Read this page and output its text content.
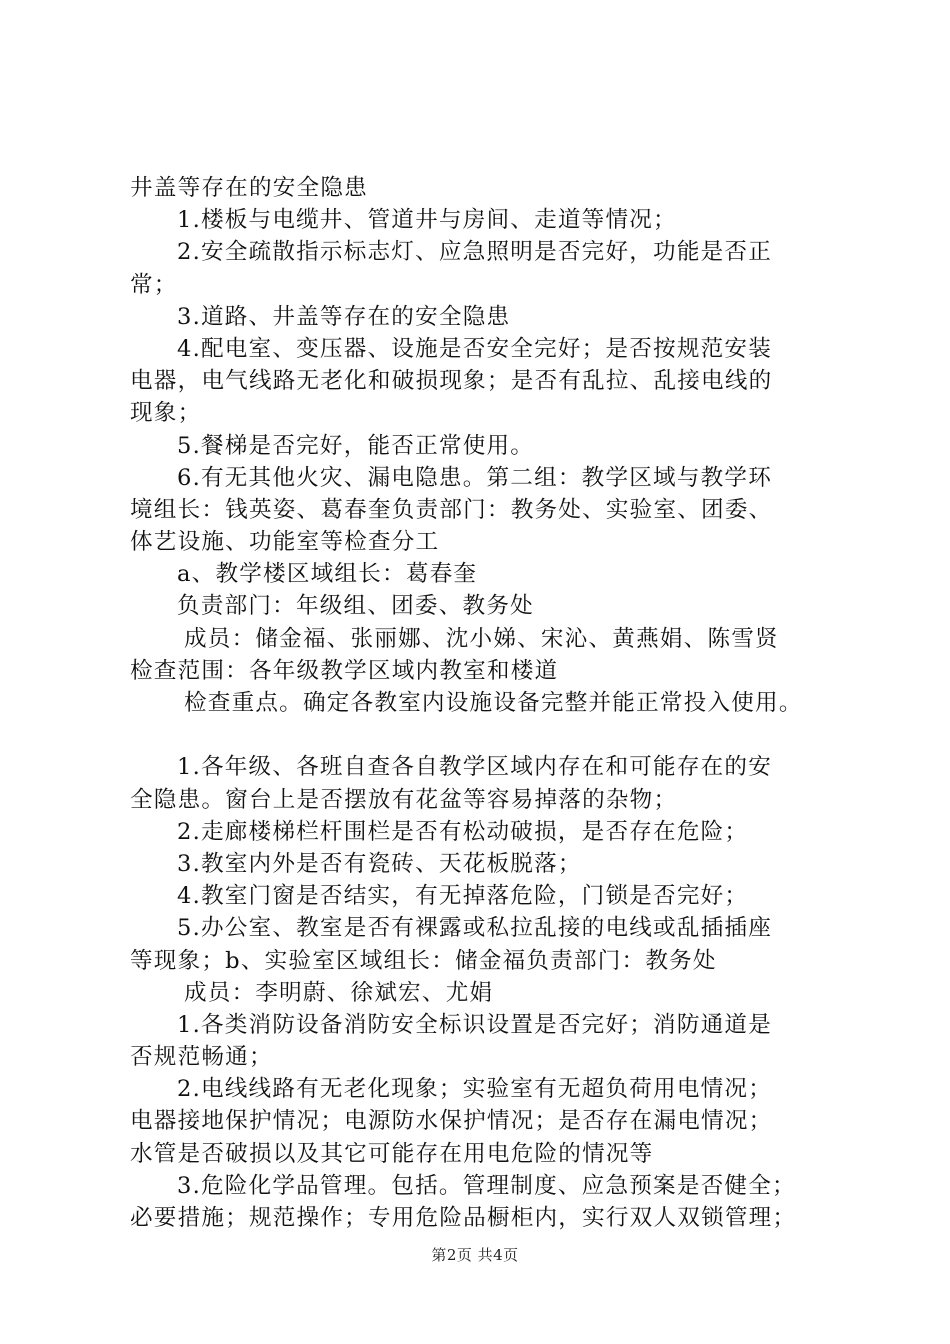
井盖等存在的安全隐患
1.楼板与电缆井、管道井与房间、走道等情况；
2.安全疏散指示标志灯、应急照明是否完好，功能是否正
常；
3.道路、井盖等存在的安全隐患
4.配电室、变压器、设施是否安全完好；是否按规范安装
电器，电气线路无老化和破损现象；是否有乱拉、乱接电线的
现象；
5.餐梯是否完好，能否正常使用。
6.有无其他火灾、漏电隐患。第二组：教学区域与教学环
境组长：钱英姿、葛春奎负责部门：教务处、实验室、团委、
体艺设施、功能室等检查分工
a、教学楼区域组长：葛春奎
负责部门：年级组、团委、教务处
成员：储金福、张丽娜、沈小娣、宋沁、黄燕娟、陈雪贤
检查范围：各年级教学区域内教室和楼道
检查重点。确定各教室内设施设备完整并能正常投入使用。
1.各年级、各班自查各自教学区域内存在和可能存在的安
全隐患。窗台上是否摆放有花盆等容易掉落的杂物；
2.走廊楼梯栏杆围栏是否有松动破损，是否存在危险；
3.教室内外是否有瓷砖、天花板脱落；
4.教室门窗是否结实，有无掉落危险，门锁是否完好；
5.办公室、教室是否有裸露或私拉乱接的电线或乱插插座
等现象；b、实验室区域组长：储金福负责部门：教务处
成员：李明蔚、徐斌宏、尤娟
1.各类消防设备消防安全标识设置是否完好；消防通道是
否规范畅通；
2.电线线路有无老化现象；实验室有无超负荷用电情况；
电器接地保护情况；电源防水保护情况；是否存在漏电情况；
水管是否破损以及其它可能存在用电危险的情况等
3.危险化学品管理。包括。管理制度、应急预案是否健全；
必要措施；规范操作；专用危险品橱柜内，实行双人双锁管理；
第2页 共4页
